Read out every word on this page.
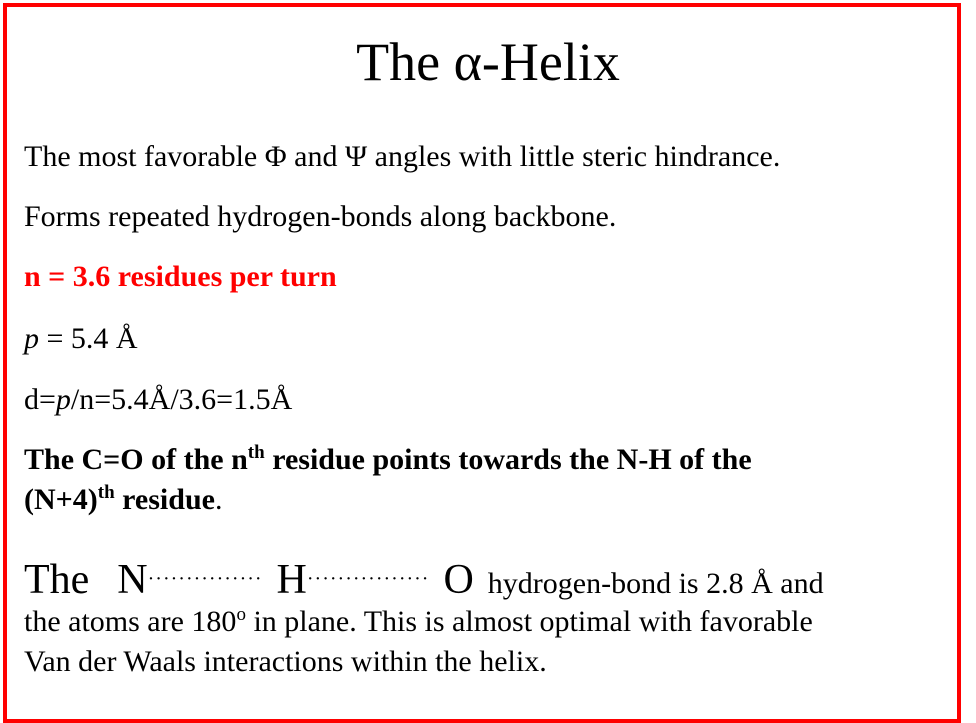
The α-Helix
The most favorable Φ and Ψ angles with little steric hindrance.
Forms repeated hydrogen-bonds along backbone.
n = 3.6 residues per turn
p = 5.4 Å
d=p/n=5.4Å/3.6=1.5Å
The C=O of the $n^{th}$ residue points towards the N-H of the
$(N+4)^{th}$ residue.
The N··············· H················ O hydrogen-bond is 2.8 Å and
the atoms are 180$^o$ in plane. This is almost optimal with favorable
Van der Waals interactions within the helix.
